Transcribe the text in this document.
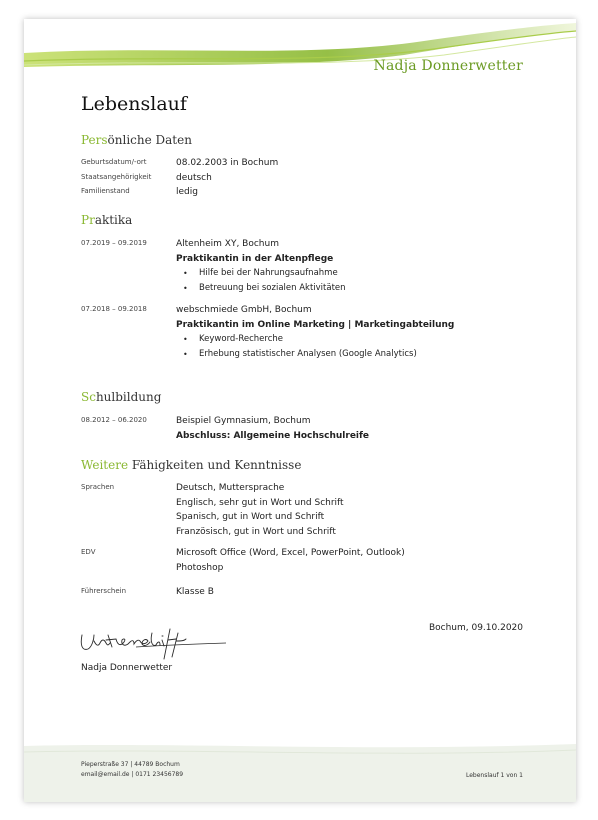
Nadja Donnerwetter
Lebenslauf
Persönliche Daten
Geburtsdatum/-ort	08.02.2003 in Bochum
Staatsangehörigkeit	deutsch
Familienstand	ledig
Praktika
07.2019 – 09.2019	Altenheim XY, Bochum
Praktikantin in der Altenpflege
• Hilfe bei der Nahrungsaufnahme
• Betreuung bei sozialen Aktivitäten
07.2018 – 09.2018	webschmiede GmbH, Bochum
Praktikantin im Online Marketing | Marketingabteilung
• Keyword-Recherche
• Erhebung statistischer Analysen (Google Analytics)
Schulbildung
08.2012 – 06.2020	Beispiel Gymnasium, Bochum
Abschluss: Allgemeine Hochschulreife
Weitere Fähigkeiten und Kenntnisse
Sprachen	Deutsch, Muttersprache
Englisch, sehr gut in Wort und Schrift
Spanisch, gut in Wort und Schrift
Französisch, gut in Wort und Schrift
EDV	Microsoft Office (Word, Excel, PowerPoint, Outlook)
Photoshop
Führerschein	Klasse B
Bochum, 09.10.2020
Nadja Donnerwetter
Pieperstraße 37 | 44789 Bochum
email@email.de | 0171 23456789	Lebenslauf 1 von 1
